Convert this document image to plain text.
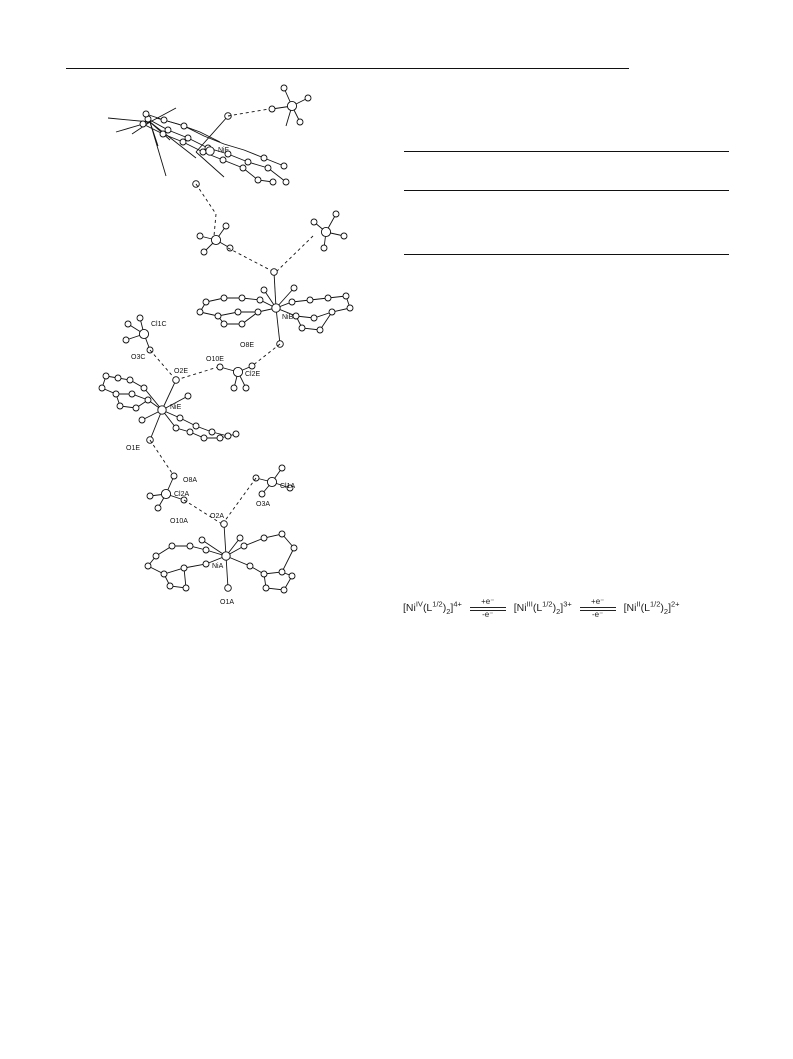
NiF
NiB
NiE
NiA
Cl1C
O3C
O2E
O10E
O8E
Cl2E
O1E
O8A
Cl2A
O10A
O2A
O3A
Cl1A
O1A	$[Ni^{IV}(L^{1/2})_2]^{4+} \frac{+e^-}{-e^-} [Ni^{III}(L^{1/2})_2]^{3+} \frac{+e^-}{-e^-} [Ni^{II}(L^{1/2})_2]^{2+}$
